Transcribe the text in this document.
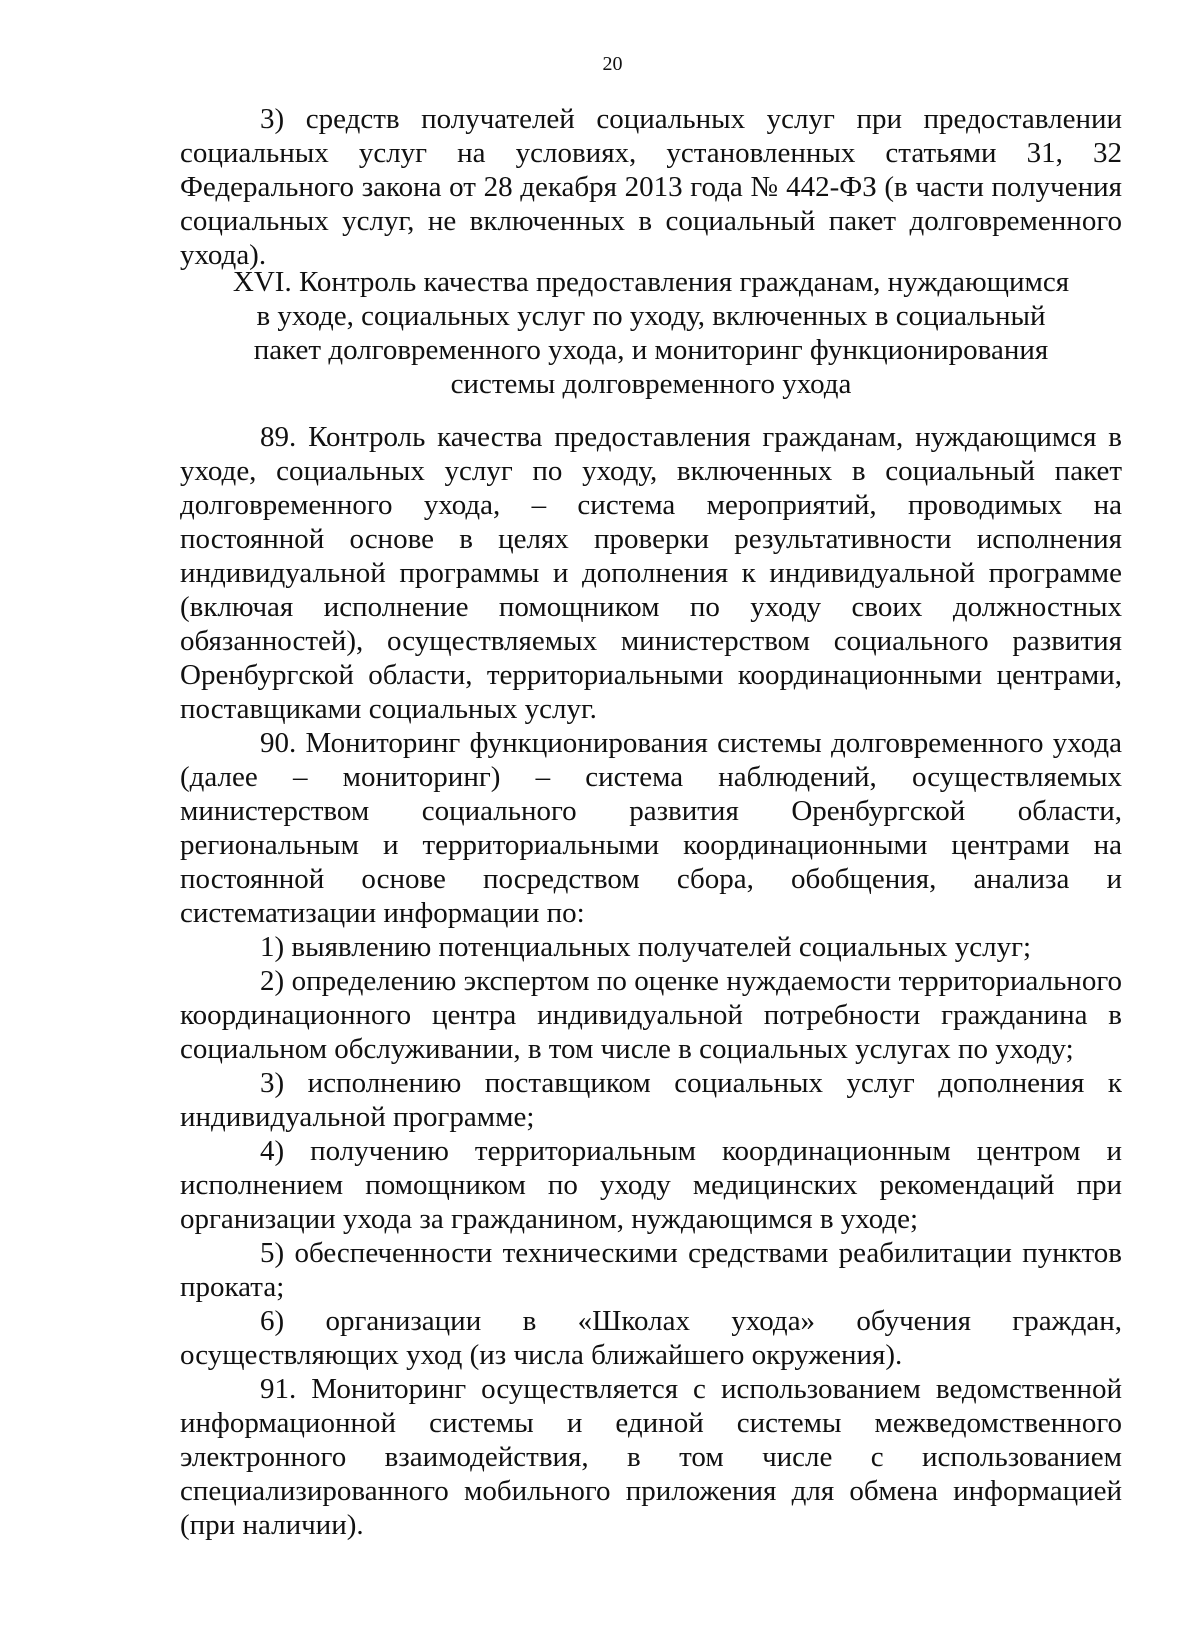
20

3) средств получателей социальных услуг при предоставлении социальных услуг на условиях, установленных статьями 31, 32 Федерального закона от 28 декабря 2013 года № 442-ФЗ (в части получения социальных услуг, не включенных в социальный пакет долговременного ухода).

XVI. Контроль качества предоставления гражданам, нуждающимся
в уходе, социальных услуг по уходу, включенных в социальный
пакет долговременного ухода, и мониторинг функционирования
системы долговременного ухода

89. Контроль качества предоставления гражданам, нуждающимся в уходе, социальных услуг по уходу, включенных в социальный пакет долговременного ухода, – система мероприятий, проводимых на постоянной основе в целях проверки результативности исполнения индивидуальной программы и дополнения к индивидуальной программе (включая исполнение помощником по уходу своих должностных обязанностей), осуществляемых министерством социального развития Оренбургской области, территориальными координационными центрами, поставщиками социальных услуг.

90. Мониторинг функционирования системы долговременного ухода (далее – мониторинг) – система наблюдений, осуществляемых министерством социального развития Оренбургской области, региональным и территориальными координационными центрами на постоянной основе посредством сбора, обобщения, анализа и систематизации информации по:

1) выявлению потенциальных получателей социальных услуг;

2) определению экспертом по оценке нуждаемости территориального координационного центра индивидуальной потребности гражданина в социальном обслуживании, в том числе в социальных услугах по уходу;

3) исполнению поставщиком социальных услуг дополнения к индивидуальной программе;

4) получению территориальным координационным центром и исполнением помощником по уходу медицинских рекомендаций при организации ухода за гражданином, нуждающимся в уходе;

5) обеспеченности техническими средствами реабилитации пунктов проката;

6) организации в «Школах ухода» обучения граждан, осуществляющих уход (из числа ближайшего окружения).

91. Мониторинг осуществляется с использованием ведомственной информационной системы и единой системы межведомственного электронного взаимодействия, в том числе с использованием специализированного мобильного приложения для обмена информацией (при наличии).
